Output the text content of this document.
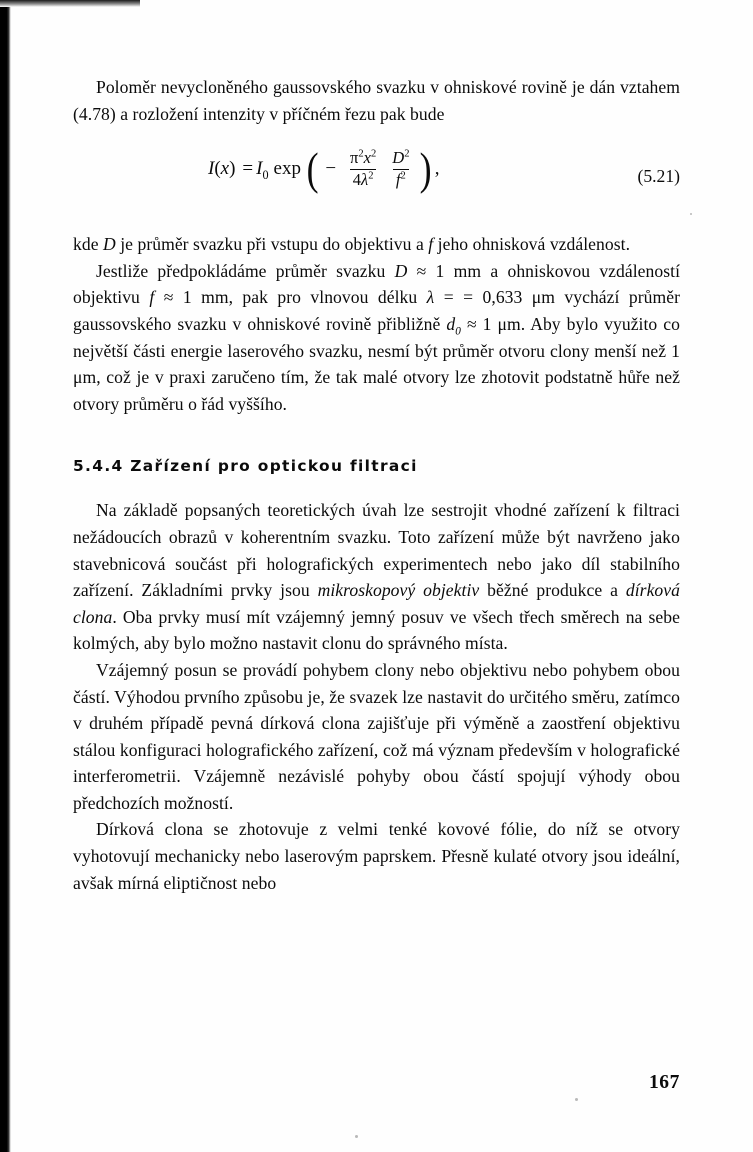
Poloměr nevycloněného gaussovského svazku v ohniskové rovině je dán vztahem (4.78) a rozložení intenzity v příčném řezu pak bude

$I(x) = I_0$ exp ( − $\frac{\pi^2x^2}{4\lambda^2} \frac{D^2}{f^2}$ ) ,	(5.21)

kde D je průměr svazku při vstupu do objektivu a f jeho ohnisková vzdálenost.

Jestliže předpokládáme průměr svazku D ≈ 1 mm a ohniskovou vzdáleností objektivu f ≈ 1 mm, pak pro vlnovou délku λ = = 0,633 μm vychází průměr gaussovského svazku v ohniskové rovině přibližně $d_0 \approx 1$ μm. Aby bylo využito co největší části energie laserového svazku, nesmí být průměr otvoru clony menší než 1 μm, což je v praxi zaručeno tím, že tak malé otvory lze zhotovit podstatně hůře než otvory průměru o řád vyššího.

5.4.4 Zařízení pro optickou filtraci

Na základě popsaných teoretických úvah lze sestrojit vhodné zařízení k filtraci nežádoucích obrazů v koherentním svazku. Toto zařízení může být navrženo jako stavebnicová součást při holografických experimentech nebo jako díl stabilního zařízení. Základními prvky jsou mikroskopový objektiv běžné produkce a dírková clona. Oba prvky musí mít vzájemný jemný posuv ve všech třech směrech na sebe kolmých, aby bylo možno nastavit clonu do správného místa.

Vzájemný posun se provádí pohybem clony nebo objektivu nebo pohybem obou částí. Výhodou prvního způsobu je, že svazek lze nastavit do určitého směru, zatímco v druhém případě pevná dírková clona zajišťuje při výměně a zaostření objektivu stálou konfiguraci holografického zařízení, což má význam především v holografické interferometrii. Vzájemně nezávislé pohyby obou částí spojují výhody obou předchozích možností.

Dírková clona se zhotovuje z velmi tenké kovové fólie, do níž se otvory vyhotovují mechanicky nebo laserovým paprskem. Přesně kulaté otvory jsou ideální, avšak mírná eliptičnost nebo

167
